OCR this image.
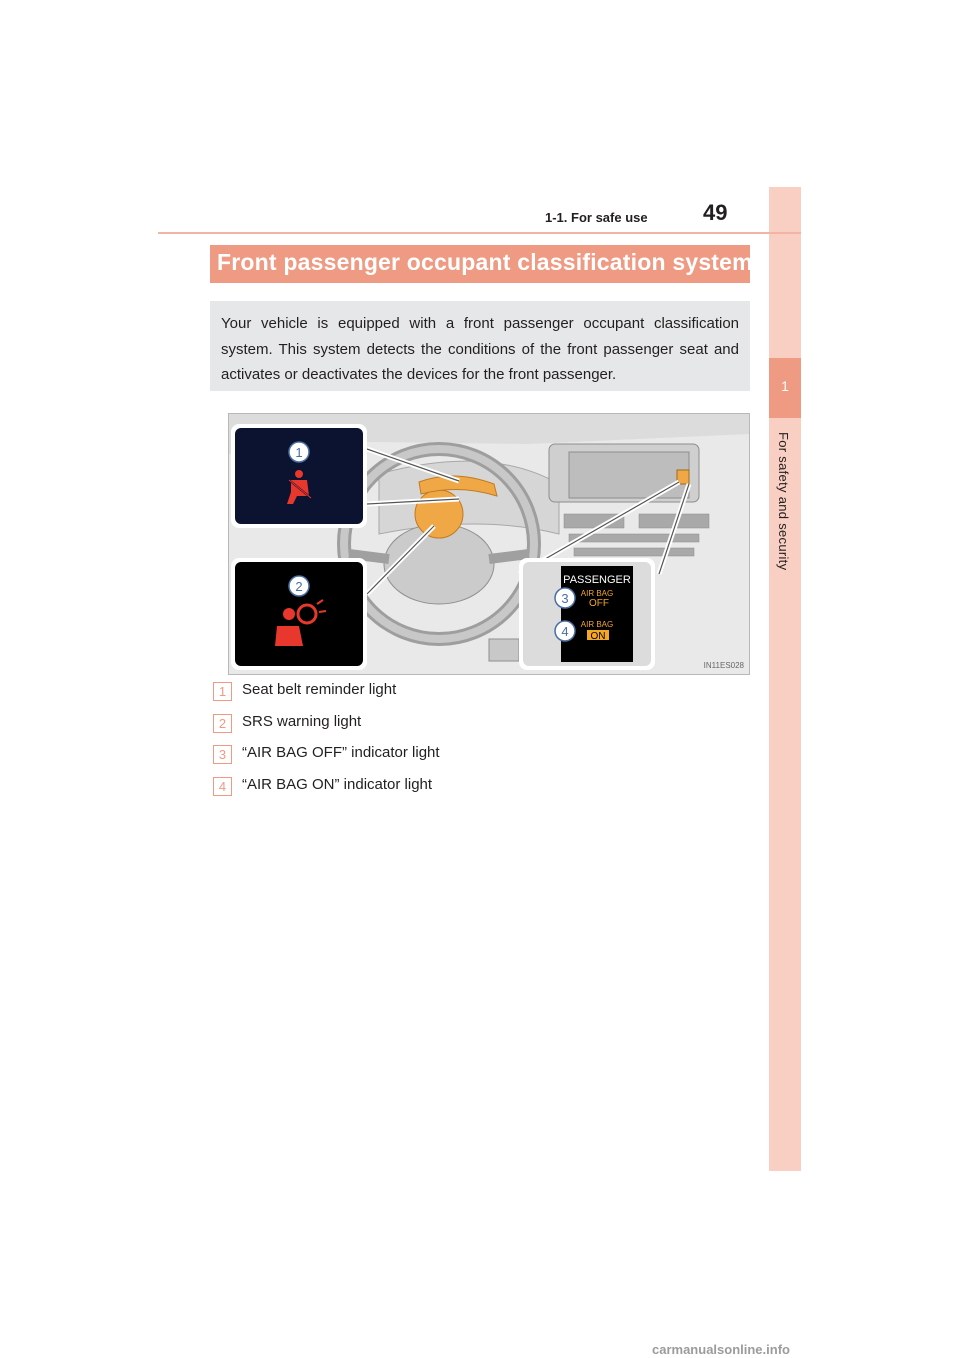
1
For safety and security
1-1. For safe use	49
Front passenger occupant classification system

Your vehicle is equipped with a front passenger occupant classification system. This system detects the conditions of the front passenger seat and activates or deactivates the devices for the front passenger.

PASSENGER
AIR BAG
OFF
AIR BAG
ON
1
2
3
4
IN11ES028
1	Seat belt reminder light
2	SRS warning light
3	“AIR BAG OFF” indicator light
4	“AIR BAG ON” indicator light
carmanualsonline.info
